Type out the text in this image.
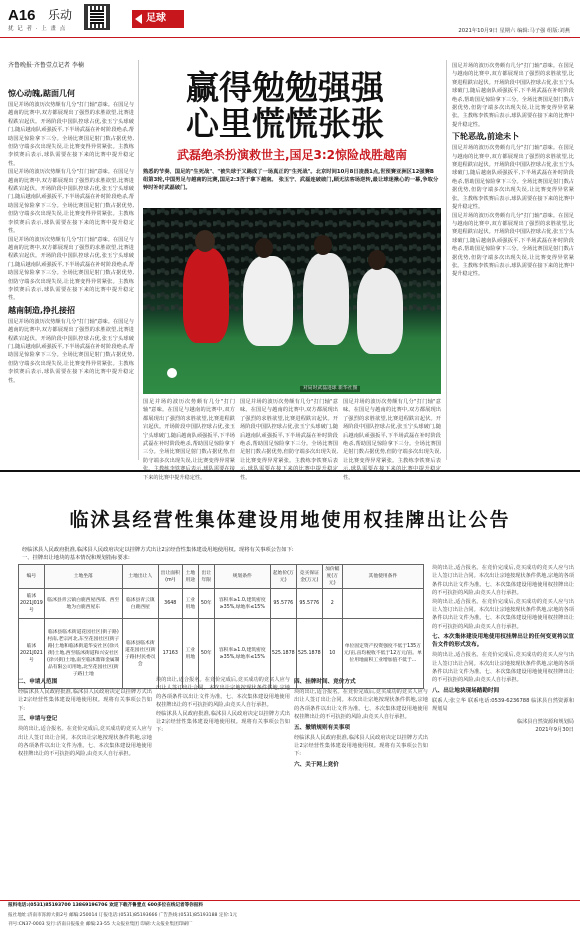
A16 乐动
扰 记 者 · 上 畫 点
足球
2021年10月9日 星期六 编辑:马子强 组版:刘燕
齐鲁晚报·齐鲁壹点记者 李楠
赢得勉勉强强
心里慌慌张张
武磊绝杀扮演救世主,国足3:2惊险战胜越南
熟悉的节奏、国足的"生死战"、"被失球于又踢成了一场真正的"生死战"。北京时间10月8日凌晨1点,世预赛亚洲区12强赛B组第3轮,中国男足与越南的比赛,国足2:3苦于拿下越南。 张玉宁、武磊连破破门,顾无法客场逆转,最让球迷揪心的一幕,争取分钟时补时武磊破门。
对局时武磊进球 新华社图
惊心动魄,踮面几何

国足并场的波历次势颇有几分"打门轴"意味。在国足与越南的比赛中,双方都展现出了强烈的求胜欲望,比赛进程跌宕起伏。开场阶段中国队控球占优,张玉宁头球破门,随后越南队顽强扳平,下半场武磊在补时阶段绝杀,帮助国足惊险拿下三分。全场比赛国足射门数占据优势,但防守端多次出现失误,让比赛变得异常紧张。主教练李铁赛后表示,球队需要在接下来的比赛中提升稳定性。

国足并场的波历次势颇有几分"打门轴"意味。在国足与越南的比赛中,双方都展现出了强烈的求胜欲望,比赛进程跌宕起伏。开场阶段中国队控球占优,张玉宁头球破门,随后越南队顽强扳平,下半场武磊在补时阶段绝杀,帮助国足惊险拿下三分。全场比赛国足射门数占据优势,但防守端多次出现失误,让比赛变得异常紧张。主教练李铁赛后表示,球队需要在接下来的比赛中提升稳定性。

国足并场的波历次势颇有几分"打门轴"意味。在国足与越南的比赛中,双方都展现出了强烈的求胜欲望,比赛进程跌宕起伏。开场阶段中国队控球占优,张玉宁头球破门,随后越南队顽强扳平,下半场武磊在补时阶段绝杀,帮助国足惊险拿下三分。全场比赛国足射门数占据优势,但防守端多次出现失误,让比赛变得异常紧张。主教练李铁赛后表示,球队需要在接下来的比赛中提升稳定性。

越南制造,挣扎接招

国足并场的波历次势颇有几分"打门轴"意味。在国足与越南的比赛中,双方都展现出了强烈的求胜欲望,比赛进程跌宕起伏。开场阶段中国队控球占优,张玉宁头球破门,随后越南队顽强扳平,下半场武磊在补时阶段绝杀,帮助国足惊险拿下三分。全场比赛国足射门数占据优势,但防守端多次出现失误,让比赛变得异常紧张。主教练李铁赛后表示,球队需要在接下来的比赛中提升稳定性。

国足并场的波历次势颇有几分"打门轴"意味。在国足与越南的比赛中,双方都展现出了强烈的求胜欲望,比赛进程跌宕起伏。开场阶段中国队控球占优,张玉宁头球破门,随后越南队顽强扳平,下半场武磊在补时阶段绝杀,帮助国足惊险拿下三分。全场比赛国足射门数占据优势,但防守端多次出现失误,让比赛变得异常紧 下来的比赛中提升稳定性。

国足并场的波历次势颇有几分"打门轴"意味。在国足与越南的比赛中,双方都展现出了强烈的求胜欲望,比赛进程跌宕起伏。开场阶段中国队控球占优,张玉宁头球破门,随后越南队顽强扳平,下半场武磊在补时阶段绝杀,帮助国足惊险拿下三分。全场比赛国足射门数占据优势,但防守端多次出现失误,让比赛变得异常紧张。主教练李铁赛后表 性。

国足并场的波历次势颇有几分"打门轴"意味。在国足与越南的比赛中,双方都展现出了强烈的求胜欲望,比赛进程跌宕起伏。开场阶段中国队控球占优,张玉宁头球破门,随后越南队顽强扳平,下半场武磊在补时阶段绝杀,帮助国足惊险拿下三分。全场比赛国足射门数占据优势,但防守端多次出现失误,让比赛变得异常紧张。主教练李铁赛后表 性。

国足并场的波历次势颇有几分"打门轴"意味。在国足与越南的比赛中,双方都展现出了强烈的求胜欲望,比赛进程跌宕起伏。开场阶段中国队控球占优,张玉宁头球破门,随后越南队顽强扳平,下半场武磊在补时阶段绝杀,帮助国足惊险拿下三分。全场比赛国足射门数占据优势,但防守端多次出现失误,让比赛变得异常紧张。主教练李铁赛后表示,球队需要在接下来的比赛中提升稳定性。

下轮恶战,前途未卜

国足并场的波历次势颇有几分"打门轴"意味。在国足与越南的比赛中,双方都展现出了强烈的求胜欲望,比赛进程跌宕起伏。开场阶段中国队控球占优,张玉宁头球破门,随后越南队顽强扳平,下半场武磊在补时阶段绝杀,帮助国足惊险拿下三分。全场比赛国足射门数占据优势,但防守端多次出现失误,让比赛变得异常紧张。主教练李铁赛后表示,球队需要在接下来的比赛中提升稳定性。

国足并场的波历次势颇有几分"打门轴"意味。在国足与越南的比赛中,双方都展现出了强烈的求胜欲望,比赛进程跌宕起伏。开场阶段中国队控球占优,张玉宁头球破门,随后越南队顽强扳平,下半场武磊在补时阶段绝杀,帮助国足惊险拿下三分。全场比赛国足射门数占据优势,但防守端多次出现失误,让比赛变得异常紧张。主教练李铁赛后表示,球队需要在接下来的比赛中提升稳定性。

临沭县经营性集体建设用地使用权挂牌出让公告
经临沭县人民政府批准,临沭县人民政府决定以挂牌方式出让2宗经营性集体建设用地使用权。现将有关事项公告如下:
一、挂牌出让地块的基本情况和规划指标要求:
编号	土地坐落	土地出让人	出让面积(m²)	土地用途	出让年限	规划条件	起始价(万元)	竞买保证金(万元)	加价幅度(万元)	其他使用条件
临沭2021J019号	临沭县青云镇白鹿西屋西部、西至地为白鹿西屋东	临沭县青云镇白鹿西屋	3648	工业用地	50年	容积率≥1.0,建筑密度≥35%,绿地率≤15%	95.5776	95.5776	2	
临沭2021J021号	临沭县临术街道花园社区(街子路)村南,老宗河北,东至花园社区(街子路)土地和临沭街道华安社区(徐兴街)土地,西至临沭街道和兴安社区(徐兴街)土地,南至临沭鼎锋金属制品有限公司用地,北至花园社区(街子路)土地	临沭县临术街道花园社区(街子路)村民委员会	17163	工业用地	50年	容积率≥1.0,建筑密度≥35%,绿地率≤15%	525.1878	525.1878	10	单位固定资产投资强度不低于135万元/亩,亩均税收不低于12万元/亩。单位用地面积工业增加值不低于...

块的出让,适合报名。在竞价完成后,竞买成功的竞买人应与出让人签订出让合同。本次出让宗地按现状条件供地,宗地的各项条件以出让文件为准。七、本次集体建设用地使用权挂牌出让的不可抗拒的风险,由竞买人自行承担。

块的出让,适合报名。在竞价完成后,竞买成功的竞买人应与出让人签订出让合同。本次出让宗地按现状条件供地,宗地的各项条件以出让文件为准。七、本次集体建设用地使用权挂牌出让的不可抗拒的风险,由竞买人自行承担。

七、本次集体建设用地使用权挂牌出让的任何变更将以宣告文件的形式发布。

块的出让,适合报名。在竞价完成后,竞买成功的竞买人应与出让人签订出让合同。本次出让宗地按现状条件供地,宗地的各项条件以出让文件为准。七、本次集体建设用地使用权挂牌出让的不可抗拒的风险,由竞买人自行承担。

八、出让地块现场踏勘时间

联系人:张立华 联系电话:0539-6236788 临沭县自然资源和规划局

临沭县自然资源和规划局

2021年9月30日

二、申请人范围

经临沭县人民政府批准,临沭县人民政府决定以挂牌方式出让2宗经营性集体建设用地使用权。现将有关事项公告如下:

三、申请与登记

块的出让,适合报名。在竞价完成后,竞买成功的竞买人应与出让人签订出让合同。本次出让宗地按现状条件供地,宗地的各项条件以出让文件为准。七、本次集体建设用地使用权挂牌出让的不可抗拒的风险,由竞买人自行承担。

块的出让,适合报名。在竞价完成后,竞买成功的竞买人应与出让人签订出让合同。本次出让宗地按现状条件供地,宗地的各项条件以出让文件为准。七、本次集体建设用地使用权挂牌出让的不可抗拒的风险,由竞买人自行承担。

经临沭县人民政府批准,临沭县人民政府决定以挂牌方式出让2宗经营性集体建设用地使用权。现将有关事项公告如下:

四、挂牌时间、竞价方式

块的出让,适合报名。在竞价完成后,竞买成功的竞买人应与出让人签订出让合同。本次出让宗地按现状条件供地,宗地的各项条件以出让文件为准。七、本次集体建设用地使用权挂牌出让的不可抗拒的风险,由竞买人自行承担。

五、撤销规则有关事项

经临沭县人民政府批准,临沭县人民政府决定以挂牌方式出让2宗经营性集体建设用地使用权。现将有关事项公告如下:

六、关于网上竞价
报料电话:(0531)85193700 13869196706 欢迎下载齐鲁壹点 600多位在线记者等你报料
报社地址:济南市泺源大街2号 邮编:250014 订报电话:(0531)85193666 广告热线:(0531)85193188 定价:1元
刊号:CN37-0003 发行:济南日报报业 邮编:23-55 大众报业集团 印刷:大众报业集团印刷厂
